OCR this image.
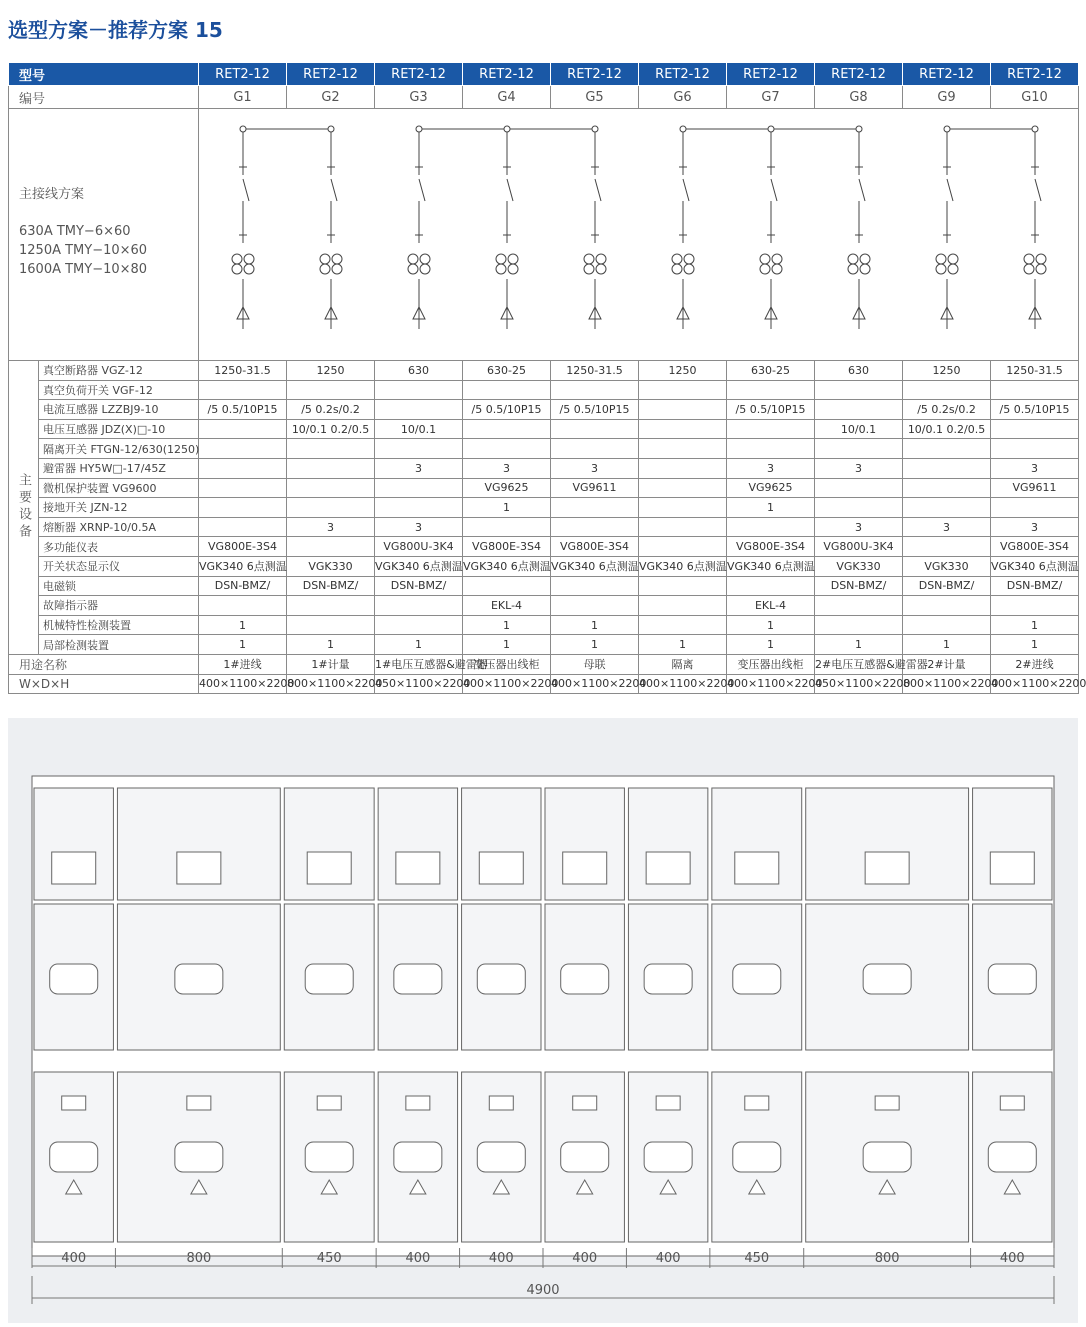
选型方案－推荐方案 15
型号		RET2-12	RET2-12	RET2-12	RET2-12	RET2-12	RET2-12	RET2-12	RET2-12	RET2-12	RET2-12
编号		G1	G2	G3	G4	G5	G6	G7	G8	G9	G10

主接线方案
630A TMY−6×60
1250A TMY−10×60
1600A TMY−10×80

主要设备	真空断路器 VGZ-12	1250-31.5	1250	630	630-25	1250-31.5	1250	630-25	630	1250	1250-31.5
	真空负荷开关 VGF-12										
	电流互感器 LZZBJ9-10	/5 0.5/10P15	/5 0.2s/0.2		/5 0.5/10P15	/5 0.5/10P15		/5 0.5/10P15		/5 0.2s/0.2	/5 0.5/10P15
	电压互感器 JDZ(X)□-10		10/0.1 0.2/0.5	10/0.1					10/0.1	10/0.1 0.2/0.5	
	隔离开关 FTGN-12/630(1250)										
	避雷器 HY5W□-17/45Z			3	3	3		3	3		3
	微机保护装置 VG9600				VG9625	VG9611		VG9625			VG9611
	接地开关 JZN-12				1			1			
	熔断器 XRNP-10/0.5A		3	3					3	3	3
	多功能仪表	VG800E-3S4		VG800U-3K4	VG800E-3S4	VG800E-3S4		VG800E-3S4	VG800U-3K4		VG800E-3S4
	开关状态显示仪	VGK340 6点测温	VGK330	VGK340 6点测温	VGK340 6点测温	VGK340 6点测温	VGK340 6点测温	VGK340 6点测温	VGK330	VGK330	VGK340 6点测温
	电磁锁	DSN-BMZ/	DSN-BMZ/	DSN-BMZ/					DSN-BMZ/	DSN-BMZ/	DSN-BMZ/
	故障指示器				EKL-4			EKL-4			
	机械特性检测装置	1			1	1		1			1
	局部检测装置	1	1	1	1	1	1	1	1	1	1
用途名称		1#进线	1#计量	1#电压互感器&避雷器	变压器出线柜	母联	隔离	变压器出线柜	2#电压互感器&避雷器	2#计量	2#进线
W×D×H		400×1100×2200	800×1100×2200	450×1100×2200	400×1100×2200	400×1100×2200	400×1100×2200	400×1100×2200	450×1100×2200	800×1100×2200	400×1100×2200
400	800	450	400	400	400	400	450	800	400
4900
